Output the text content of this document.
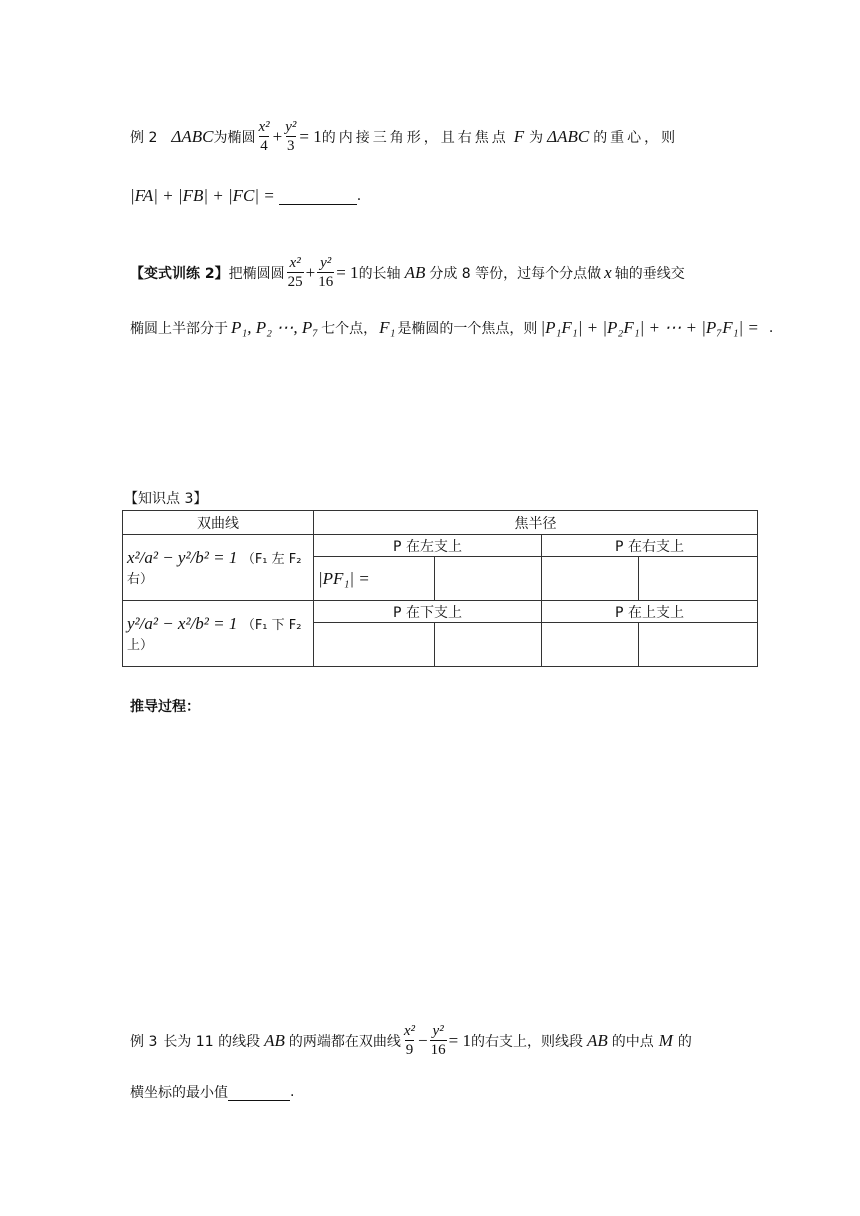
例 2 ΔABC 为椭圆 $\frac{\text{x²}}{4} + \frac{\text{y²}}{3} = 1$ 的内接三角形，且右焦点 F 为 ΔABC 的重心，则
|FA| + |FB| + |FC| =	.
【变式训练 2】 把椭圆圆 $\frac{\text{x²}}{25} + \frac{\text{y²}}{16} = 1$ 的长轴 AB 分成 8 等份，过每个分点做 x 轴的垂线交
椭圆上半部分于 P₁, P₂ ⋯, P₇ 七个点， F₁ 是椭圆的一个焦点，则 |P₁F₁| + |P₂F₁| + ⋯ + |P₇F₁| = .
【知识点 3】
双曲线	焦半径			
x²/a² − y²/b² = 1 （F₁ 左 F₂ 右）	P 在左支上		P 在右支上	
	|PF₁| =			
y²/a² − x²/b² = 1 （F₁ 下 F₂ 上）	P 在下支上		P 在上支上	

推导过程：
例 3 长为 11 的线段 AB 的两端都在双曲线 $\frac{\text{x²}}{9} - \frac{\text{y²}}{16} = 1$ 的右支上，则线段 AB 的中点 M 的
横坐标的最小值	.
